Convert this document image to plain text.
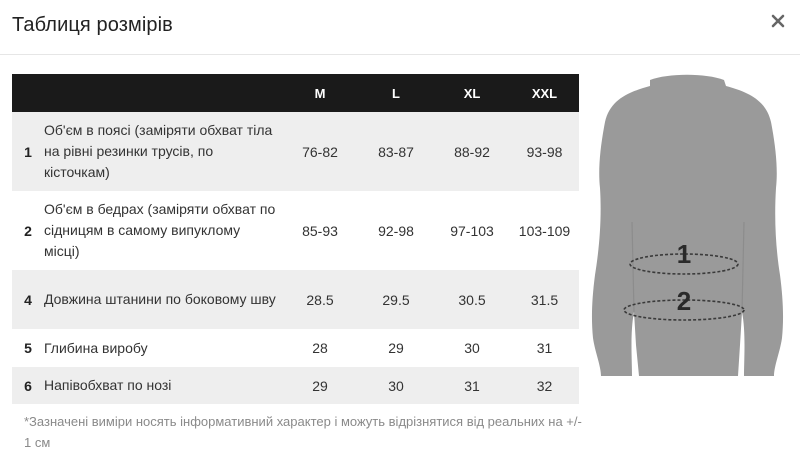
Таблиця розмірів
		M	L	XL	XXL
1	Об'єм в поясі (заміряти обхват тіла на рівні резинки трусів, по кісточкам)	76-82	83-87	88-92	93-98
2	Об'єм в бедрах (заміряти обхват по сідницям в самому випуклому місці)	85-93	92-98	97-103	103-109
4	Довжина штанини по боковому шву	28.5	29.5	30.5	31.5
5	Глибина виробу	28	29	30	31
6	Напівобхват по нозі	29	30	31	32
*Зазначені виміри носять інформативний характер і можуть відрізнятися від реальних на +/- 1 см
1
2
